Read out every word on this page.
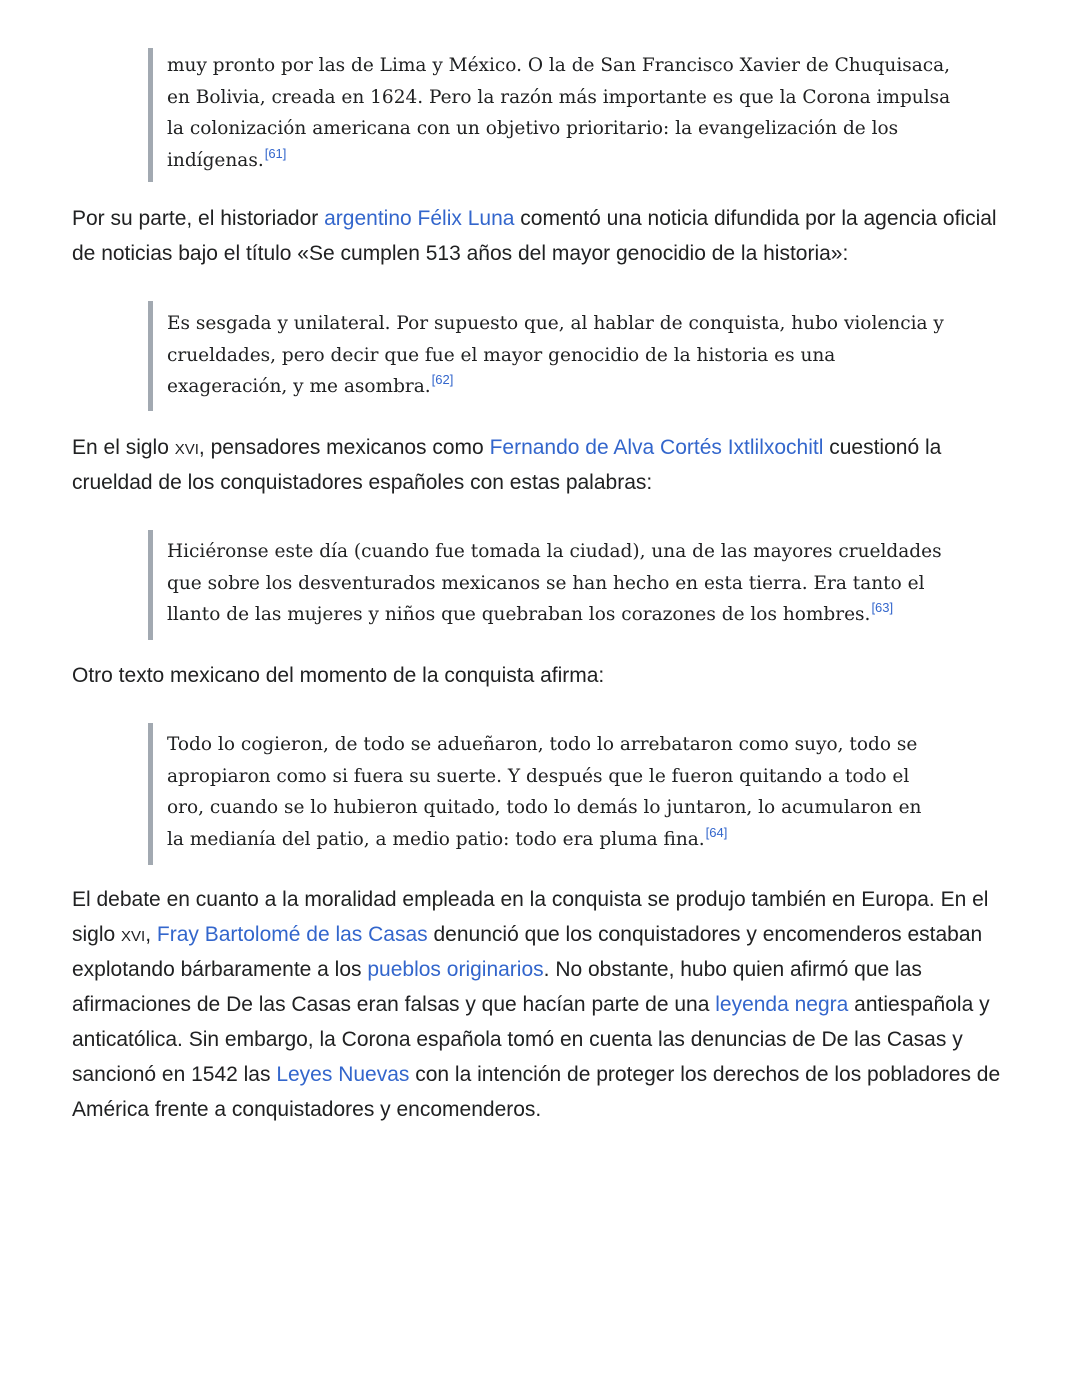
muy pronto por las de Lima y México. O la de San Francisco Xavier de Chuquisaca,
en Bolivia, creada en 1624. Pero la razón más importante es que la Corona impulsa
la colonización americana con un objetivo prioritario: la evangelización de los
indígenas.[61]

Por su parte, el historiador argentino Félix Luna comentó una noticia difundida por la agencia oficial de noticias bajo el título «Se cumplen 513 años del mayor genocidio de la historia»:

Es sesgada y unilateral. Por supuesto que, al hablar de conquista, hubo violencia y
crueldades, pero decir que fue el mayor genocidio de la historia es una
exageración, y me asombra.[62]

En el siglo xvi, pensadores mexicanos como Fernando de Alva Cortés Ixtlilxochitl cuestionó la crueldad de los conquistadores españoles con estas palabras:

Hiciéronse este día (cuando fue tomada la ciudad), una de las mayores crueldades
que sobre los desventurados mexicanos se han hecho en esta tierra. Era tanto el
llanto de las mujeres y niños que quebraban los corazones de los hombres.[63]

Otro texto mexicano del momento de la conquista afirma:

Todo lo cogieron, de todo se adueñaron, todo lo arrebataron como suyo, todo se
apropiaron como si fuera su suerte. Y después que le fueron quitando a todo el
oro, cuando se lo hubieron quitado, todo lo demás lo juntaron, lo acumularon en
la medianía del patio, a medio patio: todo era pluma fina.[64]

El debate en cuanto a la moralidad empleada en la conquista se produjo también en Europa. En el siglo xvi, Fray Bartolomé de las Casas denunció que los conquistadores y encomenderos estaban explotando bárbaramente a los pueblos originarios. No obstante, hubo quien afirmó que las afirmaciones de De las Casas eran falsas y que hacían parte de una leyenda negra antiespañola y anticatólica. Sin embargo, la Corona española tomó en cuenta las denuncias de De las Casas y sancionó en 1542 las Leyes Nuevas con la intención de proteger los derechos de los pobladores de América frente a conquistadores y encomenderos.
